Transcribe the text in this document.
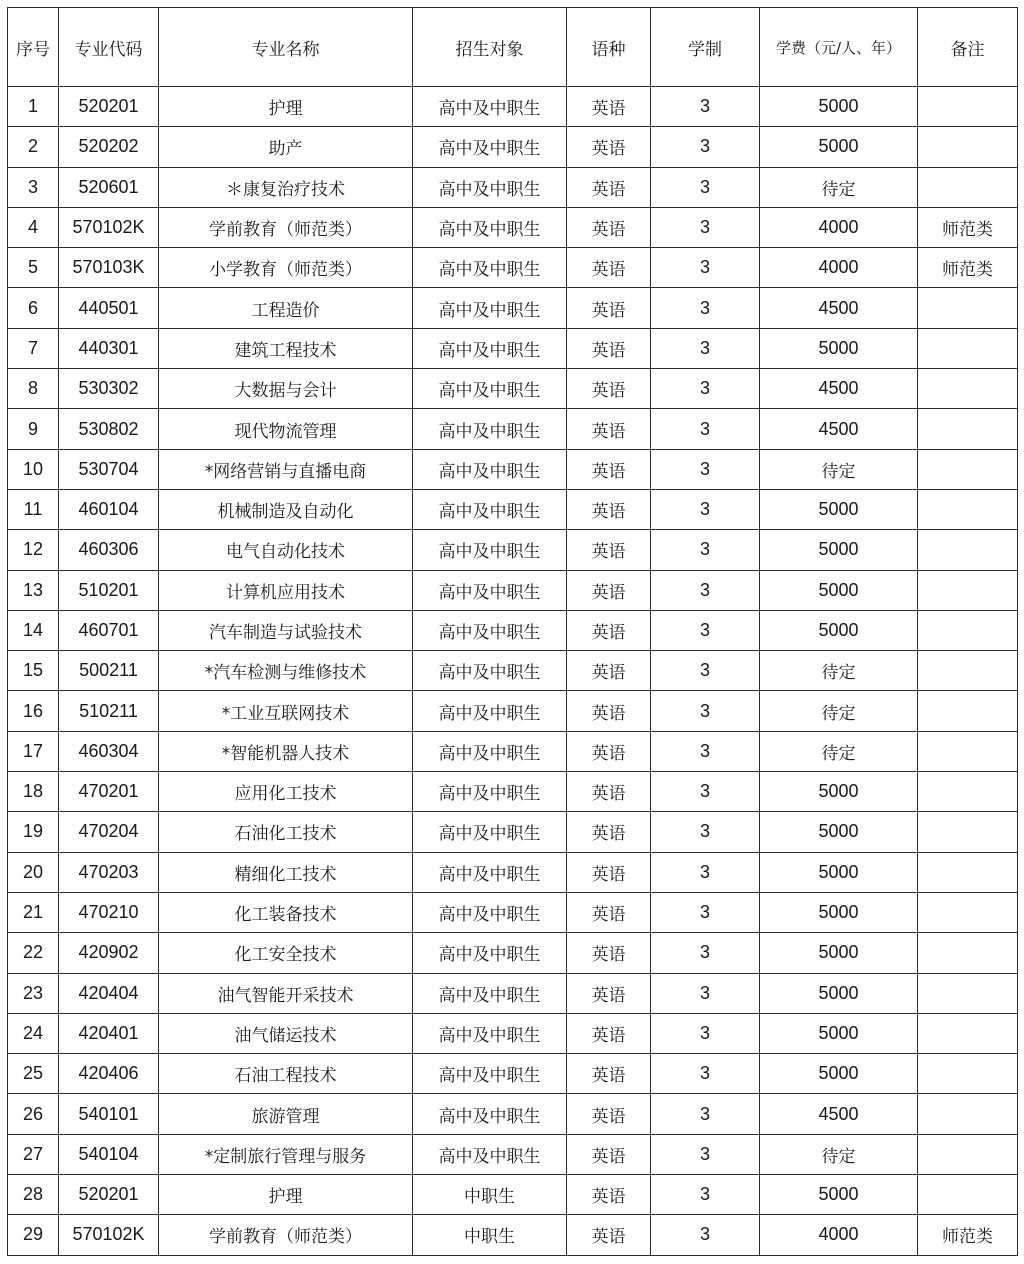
序号	专业代码	专业名称	招生对象	语种	学制	学费（元/人、年）	备注
1	520201	护理	高中及中职生	英语	3	5000	
2	520202	助产	高中及中职生	英语	3	5000	
3	520601	＊康复治疗技术	高中及中职生	英语	3	待定	
4	570102K	学前教育（师范类）	高中及中职生	英语	3	4000	师范类
5	570103K	小学教育（师范类）	高中及中职生	英语	3	4000	师范类
6	440501	工程造价	高中及中职生	英语	3	4500	
7	440301	建筑工程技术	高中及中职生	英语	3	5000	
8	530302	大数据与会计	高中及中职生	英语	3	4500	
9	530802	现代物流管理	高中及中职生	英语	3	4500	
10	530704	*网络营销与直播电商	高中及中职生	英语	3	待定	
11	460104	机械制造及自动化	高中及中职生	英语	3	5000	
12	460306	电气自动化技术	高中及中职生	英语	3	5000	
13	510201	计算机应用技术	高中及中职生	英语	3	5000	
14	460701	汽车制造与试验技术	高中及中职生	英语	3	5000	
15	500211	*汽车检测与维修技术	高中及中职生	英语	3	待定	
16	510211	*工业互联网技术	高中及中职生	英语	3	待定	
17	460304	*智能机器人技术	高中及中职生	英语	3	待定	
18	470201	应用化工技术	高中及中职生	英语	3	5000	
19	470204	石油化工技术	高中及中职生	英语	3	5000	
20	470203	精细化工技术	高中及中职生	英语	3	5000	
21	470210	化工装备技术	高中及中职生	英语	3	5000	
22	420902	化工安全技术	高中及中职生	英语	3	5000	
23	420404	油气智能开采技术	高中及中职生	英语	3	5000	
24	420401	油气储运技术	高中及中职生	英语	3	5000	
25	420406	石油工程技术	高中及中职生	英语	3	5000	
26	540101	旅游管理	高中及中职生	英语	3	4500	
27	540104	*定制旅行管理与服务	高中及中职生	英语	3	待定	
28	520201	护理	中职生	英语	3	5000	
29	570102K	学前教育（师范类）	中职生	英语	3	4000	师范类
